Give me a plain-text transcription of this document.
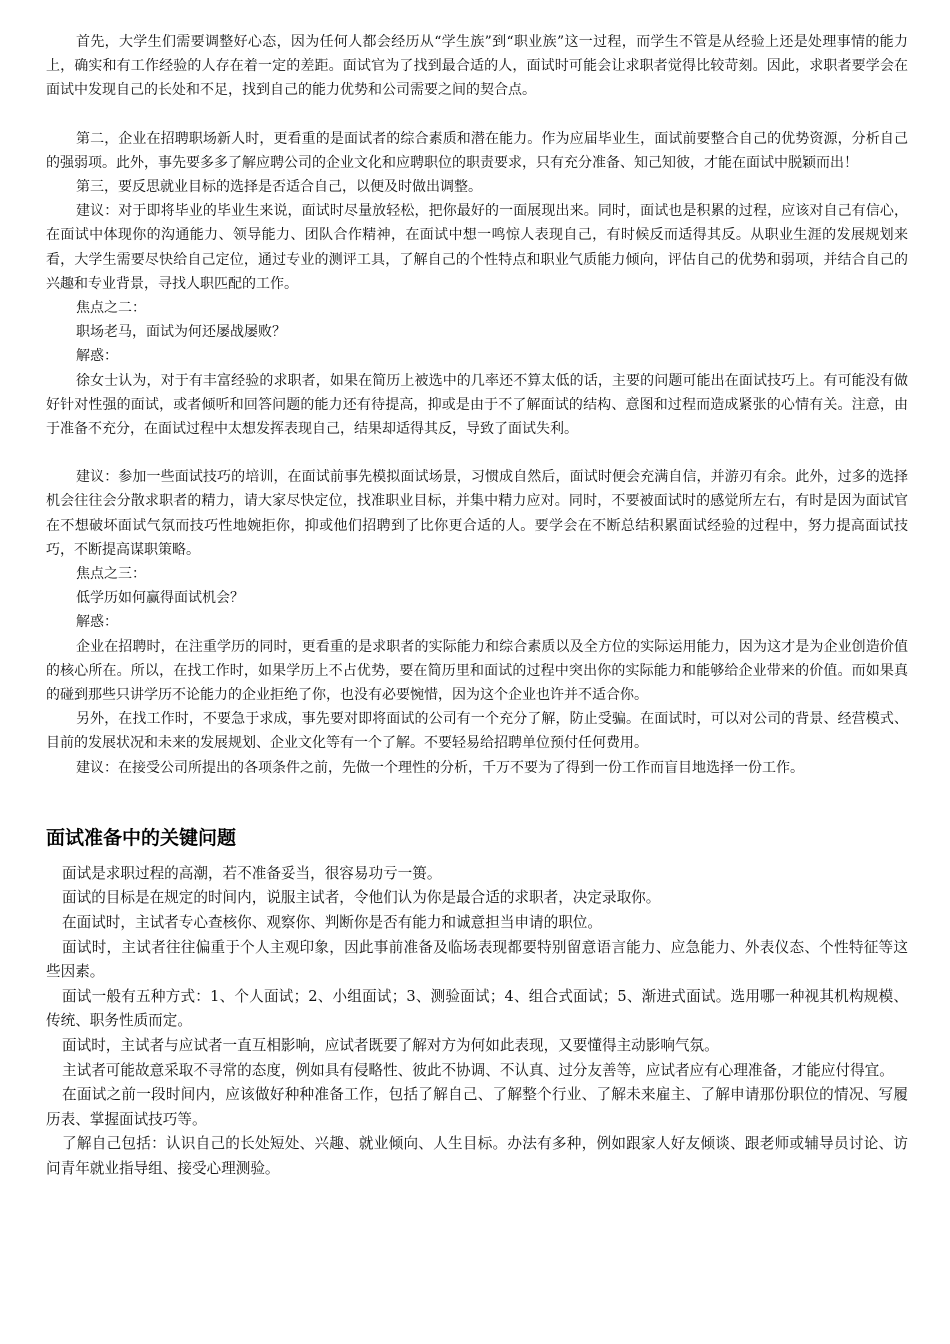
首先，大学生们需要调整好心态，因为任何人都会经历从“学生族”到“职业族”这一过程，而学生不管是从经验上还是处理事情的能力上，确实和有工作经验的人存在着一定的差距。面试官为了找到最合适的人，面试时可能会让求职者觉得比较苛刻。因此，求职者要学会在面试中发现自己的长处和不足，找到自己的能力优势和公司需要之间的契合点。

第二，企业在招聘职场新人时，更看重的是面试者的综合素质和潜在能力。作为应届毕业生，面试前要整合自己的优势资源，分析自己的强弱项。此外，事先要多多了解应聘公司的企业文化和应聘职位的职责要求，只有充分准备、知己知彼，才能在面试中脱颖而出！

第三，要反思就业目标的选择是否适合自己，以便及时做出调整。

建议：对于即将毕业的毕业生来说，面试时尽量放轻松，把你最好的一面展现出来。同时，面试也是积累的过程，应该对自己有信心，在面试中体现你的沟通能力、领导能力、团队合作精神，在面试中想一鸣惊人表现自己，有时候反而适得其反。从职业生涯的发展规划来看，大学生需要尽快给自己定位，通过专业的测评工具，了解自己的个性特点和职业气质能力倾向，评估自己的优势和弱项，并结合自己的兴趣和专业背景，寻找人职匹配的工作。

焦点之二：

职场老马，面试为何还屡战屡败？

解惑：

徐女士认为，对于有丰富经验的求职者，如果在简历上被选中的几率还不算太低的话，主要的问题可能出在面试技巧上。有可能没有做好针对性强的面试，或者倾听和回答问题的能力还有待提高，抑或是由于不了解面试的结构、意图和过程而造成紧张的心情有关。注意，由于准备不充分，在面试过程中太想发挥表现自己，结果却适得其反，导致了面试失利。

建议：参加一些面试技巧的培训，在面试前事先模拟面试场景，习惯成自然后，面试时便会充满自信，并游刃有余。此外，过多的选择机会往往会分散求职者的精力，请大家尽快定位，找准职业目标，并集中精力应对。同时，不要被面试时的感觉所左右，有时是因为面试官在不想破坏面试气氛而技巧性地婉拒你，抑或他们招聘到了比你更合适的人。要学会在不断总结积累面试经验的过程中，努力提高面试技巧，不断提高谋职策略。

焦点之三：

低学历如何赢得面试机会？

解惑：

企业在招聘时，在注重学历的同时，更看重的是求职者的实际能力和综合素质以及全方位的实际运用能力，因为这才是为企业创造价值的核心所在。所以，在找工作时，如果学历上不占优势，要在简历里和面试的过程中突出你的实际能力和能够给企业带来的价值。而如果真的碰到那些只讲学历不论能力的企业拒绝了你，也没有必要惋惜，因为这个企业也许并不适合你。

另外，在找工作时，不要急于求成，事先要对即将面试的公司有一个充分了解，防止受骗。在面试时，可以对公司的背景、经营模式、目前的发展状况和未来的发展规划、企业文化等有一个了解。不要轻易给招聘单位预付任何费用。

建议：在接受公司所提出的各项条件之前，先做一个理性的分析，千万不要为了得到一份工作而盲目地选择一份工作。

面试准备中的关键问题

面试是求职过程的高潮，若不准备妥当，很容易功亏一篑。

面试的目标是在规定的时间内，说服主试者，令他们认为你是最合适的求职者，决定录取你。

在面试时，主试者专心查核你、观察你、判断你是否有能力和诚意担当申请的职位。

面试时，主试者往往偏重于个人主观印象，因此事前准备及临场表现都要特别留意语言能力、应急能力、外表仪态、个性特征等这些因素。

面试一般有五种方式：1、个人面试；2、小组面试；3、测验面试；4、组合式面试；5、渐进式面试。选用哪一种视其机构规模、传统、职务性质而定。

面试时，主试者与应试者一直互相影响，应试者既要了解对方为何如此表现，又要懂得主动影响气氛。

主试者可能故意采取不寻常的态度，例如具有侵略性、彼此不协调、不认真、过分友善等，应试者应有心理准备，才能应付得宜。

在面试之前一段时间内，应该做好种种准备工作，包括了解自己、了解整个行业、了解未来雇主、了解申请那份职位的情况、写履历表、掌握面试技巧等。

了解自己包括：认识自己的长处短处、兴趣、就业倾向、人生目标。办法有多种，例如跟家人好友倾谈、跟老师或辅导员讨论、访问青年就业指导组、接受心理测验。
